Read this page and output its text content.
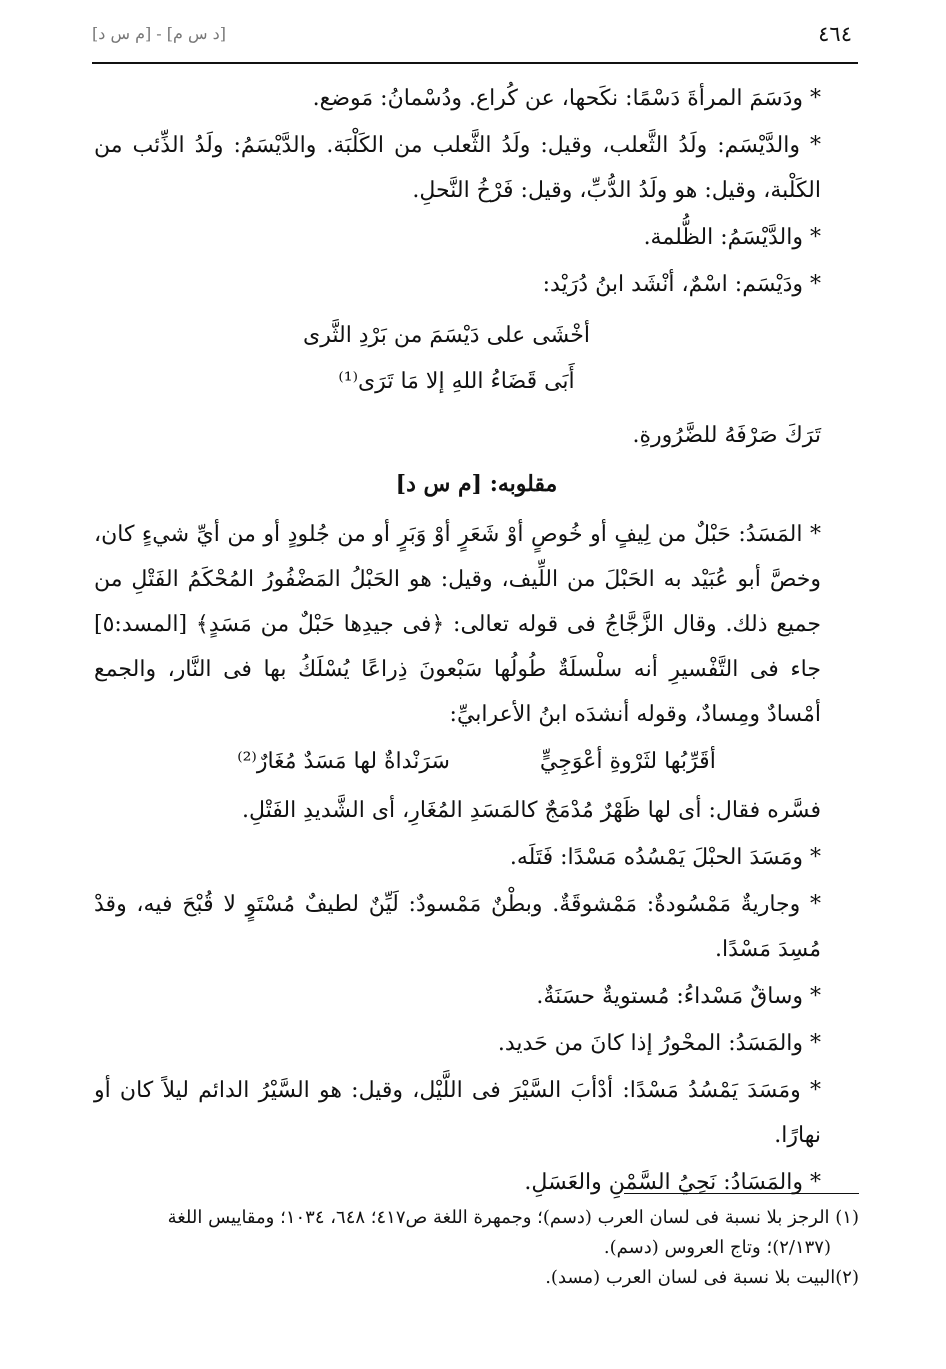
[د س م] - [م س د]	٤٦٤

* ودَسَمَ المرأةَ دَسْمًا: نكَحها، عن كُراع. ودُسْمانُ: مَوضع.

* والدَّيْسَم: ولَدُ الثَّعلب، وقيل: ولَدُ الثَّعلب من الكَلْبَة. والدَّيْسَمُ: ولَدُ الذِّئب من الكَلْبة، وقيل: هو ولَدُ الدُّبِّ، وقيل: فَرْخُ النَّحلِ.

* والدَّيْسَمُ: الظُّلمة.

* ودَيْسَم: اسْمٌ، أنْشَد ابنُ دُرَيْد:

أخْشَى على دَيْسَمَ من بَرْدِ الثَّرى
أَبَى قَضَاءُ اللهِ إلا مَا تَرَى⁽¹⁾

تَرَكَ صَرْفَهُ للضَّرُورةِ.

مقلوبه: [م س د]

* المَسَدُ: حَبْلٌ من لِيفٍ أو خُوصٍ أوْ شَعَرٍ أوْ وَبَرٍ أو من جُلودٍ أو من أيِّ شيءٍ كان، وخصَّ أبو عُبَيْد به الحَبْلَ من اللِّيف، وقيل: هو الحَبْلُ المَضْفُورُ المُحْكَمُ الفَتْلِ من جميع ذلك. وقال الزَّجَّاجُ فى قوله تعالى: ﴿فى جيدِها حَبْلٌ من مَسَدٍ﴾ [المسد:٥] جاء فى التَّفْسيرِ أنه سلْسلَةٌ طُولُها سَبْعونَ ذِراعًا يُسْلَكُ بها فى النَّار، والجمع أمْسادٌ ومِسادٌ، وقوله أنشدَه ابنُ الأعرابيِّ:

أقَرِّبُها لثَرْوةِ أعْوَجِيٍّ
سَرَنْداةٌ لها مَسَدٌ مُغَارٌ⁽²⁾

فسَّره فقال: أى لها ظَهْرٌ مُدْمَجٌ كالمَسَدِ المُغَارِ، أى الشَّديدِ الفَتْلِ.

* ومَسَدَ الحبْلَ يَمْسُدُه مَسْدًا: فَتَلَه.

* وجاريةٌ مَمْسُودةٌ: مَمْشوقَةٌ. وبطْنٌ مَمْسودٌ: لَيِّنٌ لطيفٌ مُسْتَوٍ لا قُبْحَ فيه، وقدْ مُسِدَ مَسْدًا.

* وساقٌ مَسْداءُ: مُستويةٌ حسَنَةٌ.

* والمَسَدُ: المحْورُ إذا كانَ من حَديد.

* ومَسَدَ يَمْسُدُ مَسْدًا: أدْأبَ السَّيْرَ فى اللَّيْل، وقيل: هو السَّيْرُ الدائم ليلاً كان أو نهارًا.

* والمَسَادُ: نَحِيُ السَّمْنِ والعَسَلِ.

(١) الرجز بلا نسبة فى لسان العرب (دسم)؛ وجمهرة اللغة ص٤١٧؛ ٦٤٨، ١٠٣٤؛ ومقاييس اللغة

(٢/١٣٧)؛ وتاج العروس (دسم).

(٢)البيت بلا نسبة فى لسان العرب (مسد).
